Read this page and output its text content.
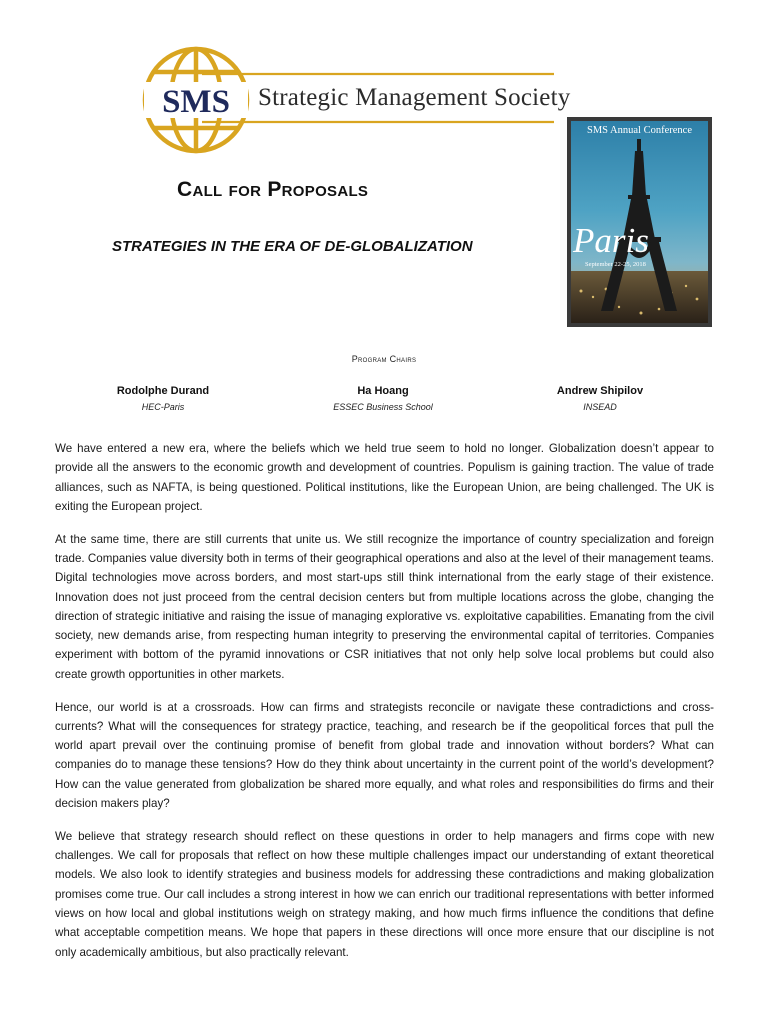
SMS Strategic Management Society
SMS Annual Conference
Paris
September 22-25, 2018
Call for Proposals
STRATEGIES IN THE ERA OF DE-GLOBALIZATION
Program Chairs
Rodolphe Durand
HEC-Paris
Ha Hoang
ESSEC Business School
Andrew Shipilov
INSEAD

We have entered a new era, where the beliefs which we held true seem to hold no longer. Globalization doesn’t appear to provide all the answers to the economic growth and development of countries. Populism is gaining traction. The value of trade alliances, such as NAFTA, is being questioned. Political institutions, like the European Union, are being challenged. The UK is exiting the European project.

At the same time, there are still currents that unite us. We still recognize the importance of country specialization and foreign trade. Companies value diversity both in terms of their geographical operations and also at the level of their management teams. Digital technologies move across borders, and most start-ups still think international from the early stage of their existence. Innovation does not just proceed from the central decision centers but from multiple locations across the globe, changing the direction of strategic initiative and raising the issue of managing explorative vs. exploitative capabilities. Emanating from the civil society, new demands arise, from respecting human integrity to preserving the environmental capital of territories. Companies experiment with bottom of the pyramid innovations or CSR initiatives that not only help solve local problems but could also create growth opportunities in other markets.

Hence, our world is at a crossroads. How can firms and strategists reconcile or navigate these contradictions and cross-currents? What will the consequences for strategy practice, teaching, and research be if the geopolitical forces that pull the world apart prevail over the continuing promise of benefit from global trade and innovation without borders? What can companies do to manage these tensions? How do they think about uncertainty in the current point of the world’s development? How can the value generated from globalization be shared more equally, and what roles and responsibilities do firms and their decision makers play?

We believe that strategy research should reflect on these questions in order to help managers and firms cope with new challenges. We call for proposals that reflect on how these multiple challenges impact our understanding of extant theoretical models. We also look to identify strategies and business models for addressing these contradictions and making globalization promises come true. Our call includes a strong interest in how we can enrich our traditional representations with better informed views on how local and global institutions weigh on strategy making, and how much firms influence the conditions that define what acceptable competition means. We hope that papers in these directions will once more ensure that our discipline is not only academically ambitious, but also practically relevant.
